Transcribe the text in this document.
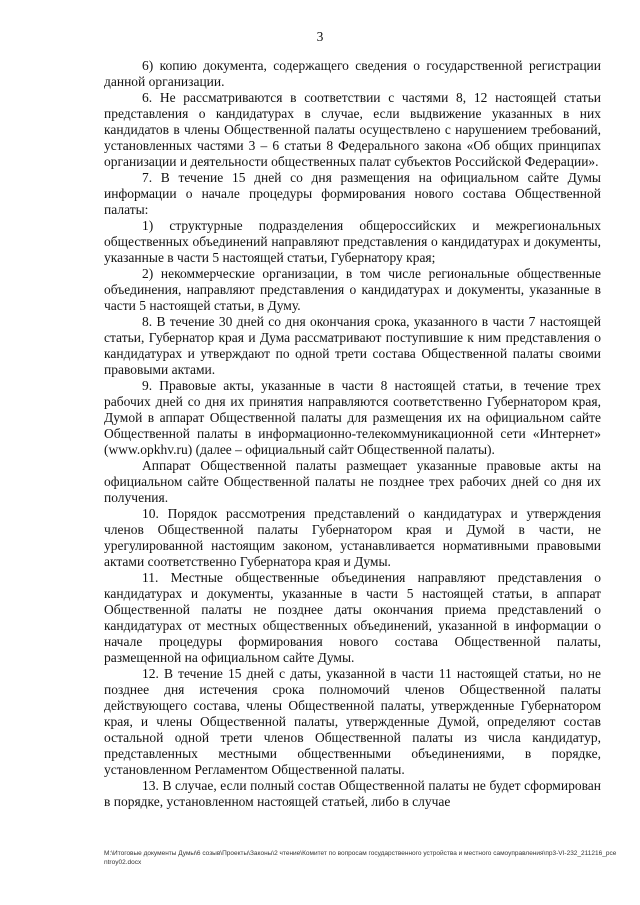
3

6) копию документа, содержащего сведения о государственной регистрации данной организации.

6. Не рассматриваются в соответствии с частями 8, 12 настоящей статьи представления о кандидатурах в случае, если выдвижение указанных в них кандидатов в члены Общественной палаты осуществлено с нарушением требований, установленных частями 3 – 6 статьи 8 Федерального закона «Об общих принципах организации и деятельности общественных палат субъектов Российской Федерации».

7. В течение 15 дней со дня размещения на официальном сайте Думы информации о начале процедуры формирования нового состава Общественной палаты:

1) структурные подразделения общероссийских и межрегиональных общественных объединений направляют представления о кандидатурах и документы, указанные в части 5 настоящей статьи, Губернатору края;

2) некоммерческие организации, в том числе региональные общественные объединения, направляют представления о кандидатурах и документы, указанные в части 5 настоящей статьи, в Думу.

8. В течение 30 дней со дня окончания срока, указанного в части 7 настоящей статьи, Губернатор края и Дума рассматривают поступившие к ним представления о кандидатурах и утверждают по одной трети состава Общественной палаты своими правовыми актами.

9. Правовые акты, указанные в части 8 настоящей статьи, в течение трех рабочих дней со дня их принятия направляются соответственно Губернатором края, Думой в аппарат Общественной палаты для размещения их на официальном сайте Общественной палаты в информационно-телекоммуникационной сети «Интернет» (www.opkhv.ru) (далее – официальный сайт Общественной палаты).

Аппарат Общественной палаты размещает указанные правовые акты на официальном сайте Общественной палаты не позднее трех рабочих дней со дня их получения.

10. Порядок рассмотрения представлений о кандидатурах и утверждения членов Общественной палаты Губернатором края и Думой в части, не урегулированной настоящим законом, устанавливается нормативными правовыми актами соответственно Губернатора края и Думы.

11. Местные общественные объединения направляют представления о кандидатурах и документы, указанные в части 5 настоящей статьи, в аппарат Общественной палаты не позднее даты окончания приема представлений о кандидатурах от местных общественных объединений, указанной в информации о начале процедуры формирования нового состава Общественной палаты, размещенной на официальном сайте Думы.

12. В течение 15 дней с даты, указанной в части 11 настоящей статьи, но не позднее дня истечения срока полномочий членов Общественной палаты действующего состава, члены Общественной палаты, утвержденные Губернатором края, и члены Общественной палаты, утвержденные Думой, определяют состав остальной одной трети членов Общественной палаты из числа кандидатур, представленных местными общественными объединениями, в порядке, установленном Регламентом Общественной палаты.

13. В случае, если полный состав Общественной палаты не будет сформирован в порядке, установленном настоящей статьей, либо в случае

M:\Итоговые документы Думы\6 созыв\Проекты\Законы\2 чтение\Комитет по вопросам государственного устройства и местного самоуправления\пр3-VI-232_211216_pcentroy02.docx
